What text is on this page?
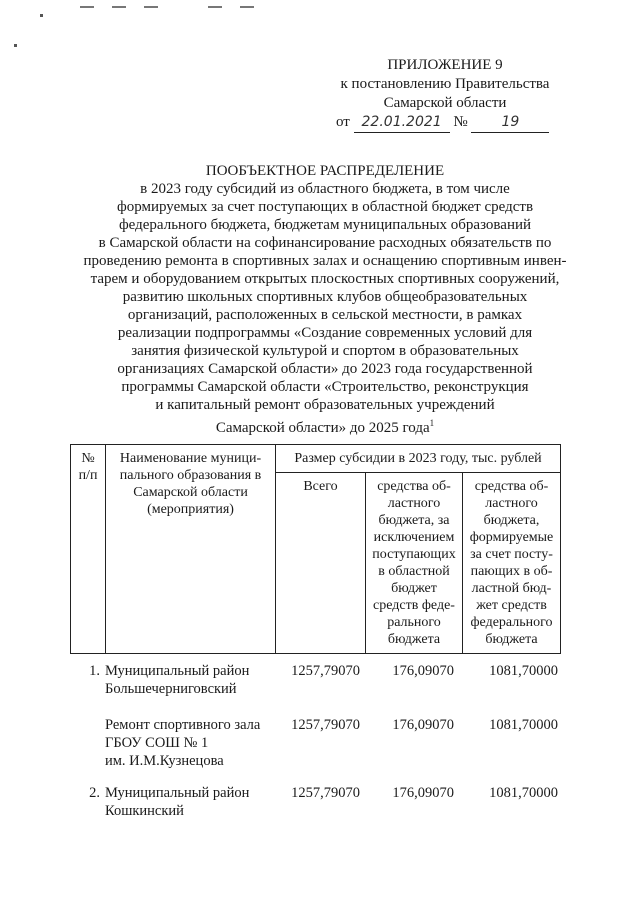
ПРИЛОЖЕНИЕ 9
к постановлению Правительства
Самарской области
от 22.01.2021 № 19
ПООБЪЕКТНОЕ РАСПРЕДЕЛЕНИЕ
в 2023 году субсидий из областного бюджета, в том числе
формируемых за счет поступающих в областной бюджет средств
федерального бюджета, бюджетам муниципальных образований
в Самарской области на софинансирование расходных обязательств по
проведению ремонта в спортивных залах и оснащению спортивным инвен-
тарем и оборудованием открытых плоскостных спортивных сооружений,
развитию школьных спортивных клубов общеобразовательных
организаций, расположенных в сельской местности, в рамках
реализации подпрограммы «Создание современных условий для
занятия физической культурой и спортом в образовательных
организациях Самарской области» до 2023 года государственной
программы Самарской области «Строительство, реконструкция
и капитальный ремонт образовательных учреждений
Самарской области» до 2025 года$^1$
№ п/п	Наименование муници-пального образования в Самарской области (мероприятия)	Размер субсидии в 2023 году, тыс. рублей		

		Всего	средства об-ластного бюджета, за исключением поступающих в областной бюджет средств феде-рального бюджета	средства об-ластного бюджета, формируемые за счет посту-пающих в об-ластной бюд-жет средств федерального бюджета
1. Муниципальный район
Большечерниговский
1257,79070	176,09070	1081,70000
Ремонт спортивного зала
ГБОУ СОШ № 1
им. И.М.Кузнецова
1257,79070	176,09070	1081,70000
2. Муниципальный район
Кошкинский
1257,79070	176,09070	1081,70000
